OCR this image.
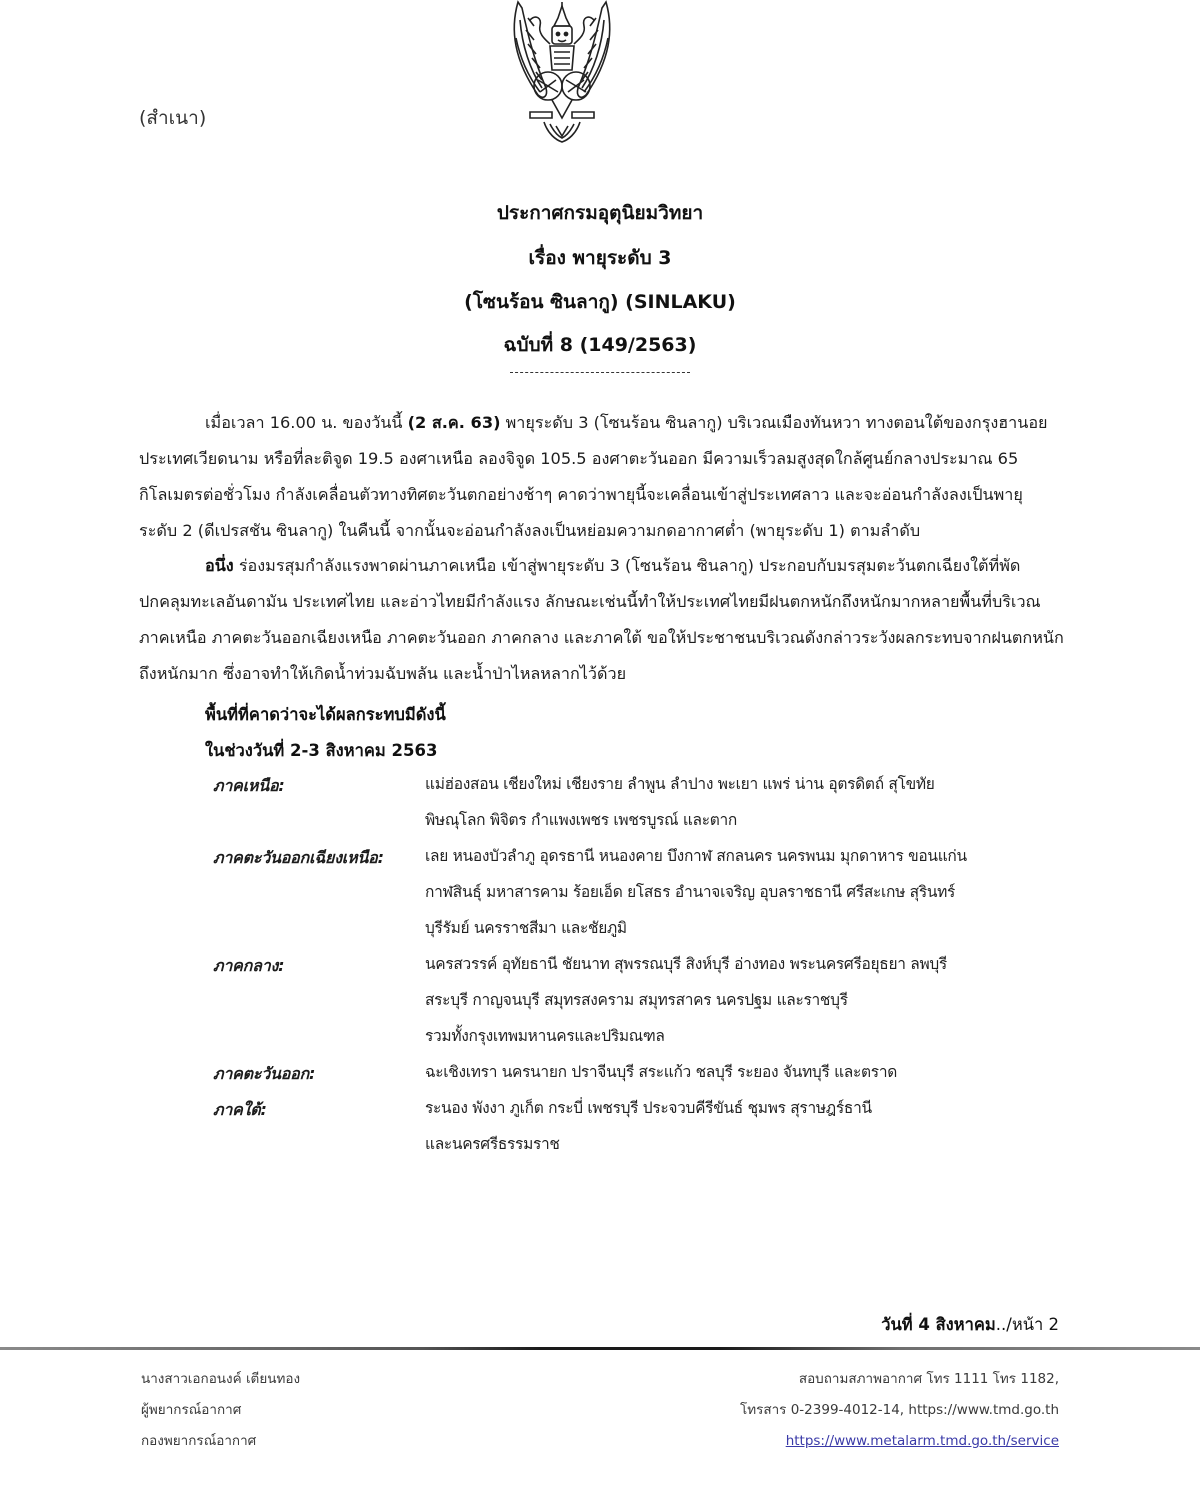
(สำเนา)
ประกาศกรมอุตุนิยมวิทยา
เรื่อง พายุระดับ 3
(โซนร้อน ซินลากู) (SINLAKU)
ฉบับที่ 8 (149/2563)
เมื่อเวลา 16.00 น. ของวันนี้ (2 ส.ค. 63) พายุระดับ 3 (โซนร้อน ซินลากู) บริเวณเมืองทันหวา ทางตอนใต้ของกรุงฮานอย
ประเทศเวียดนาม หรือที่ละติจูด 19.5 องศาเหนือ ลองจิจูด 105.5 องศาตะวันออก มีความเร็วลมสูงสุดใกล้ศูนย์กลางประมาณ 65
กิโลเมตรต่อชั่วโมง กำลังเคลื่อนตัวทางทิศตะวันตกอย่างช้าๆ คาดว่าพายุนี้จะเคลื่อนเข้าสู่ประเทศลาว และจะอ่อนกำลังลงเป็นพายุ
ระดับ 2 (ดีเปรสชัน ซินลากู) ในคืนนี้ จากนั้นจะอ่อนกำลังลงเป็นหย่อมความกดอากาศต่ำ (พายุระดับ 1) ตามลำดับ
อนึ่ง ร่องมรสุมกำลังแรงพาดผ่านภาคเหนือ เข้าสู่พายุระดับ 3 (โซนร้อน ซินลากู) ประกอบกับมรสุมตะวันตกเฉียงใต้ที่พัด
ปกคลุมทะเลอันดามัน ประเทศไทย และอ่าวไทยมีกำลังแรง ลักษณะเช่นนี้ทำให้ประเทศไทยมีฝนตกหนักถึงหนักมากหลายพื้นที่บริเวณ
ภาคเหนือ ภาคตะวันออกเฉียงเหนือ ภาคตะวันออก ภาคกลาง และภาคใต้ ขอให้ประชาชนบริเวณดังกล่าวระวังผลกระทบจากฝนตกหนัก
ถึงหนักมาก ซึ่งอาจทำให้เกิดน้ำท่วมฉับพลัน และน้ำป่าไหลหลากไว้ด้วย
พื้นที่ที่คาดว่าจะได้ผลกระทบมีดังนี้
ในช่วงวันที่ 2-3 สิงหาคม 2563
ภาคเหนือ:	แม่ฮ่องสอน เชียงใหม่ เชียงราย ลำพูน ลำปาง พะเยา แพร่ น่าน อุตรดิตถ์ สุโขทัย
พิษณุโลก พิจิตร กำแพงเพชร เพชรบูรณ์ และตาก
ภาคตะวันออกเฉียงเหนือ:	เลย หนองบัวลำภู อุดรธานี หนองคาย บึงกาฬ สกลนคร นครพนม มุกดาหาร ขอนแก่น
กาฬสินธุ์ มหาสารคาม ร้อยเอ็ด ยโสธร อำนาจเจริญ อุบลราชธานี ศรีสะเกษ สุรินทร์
บุรีรัมย์ นครราชสีมา และชัยภูมิ
ภาคกลาง:	นครสวรรค์ อุทัยธานี ชัยนาท สุพรรณบุรี สิงห์บุรี อ่างทอง พระนครศรีอยุธยา ลพบุรี
สระบุรี กาญจนบุรี สมุทรสงคราม สมุทรสาคร นครปฐม และราชบุรี
รวมทั้งกรุงเทพมหานครและปริมณฑล
ภาคตะวันออก:	ฉะเชิงเทรา นครนายก ปราจีนบุรี สระแก้ว ชลบุรี ระยอง จันทบุรี และตราด
ภาคใต้:	ระนอง พังงา ภูเก็ต กระบี่ เพชรบุรี ประจวบคีรีขันธ์ ชุมพร สุราษฎร์ธานี
และนครศรีธรรมราช
วันที่ 4 สิงหาคม../หน้า 2
นางสาวเอกอนงค์ เตียนทอง
ผู้พยากรณ์อากาศ
กองพยากรณ์อากาศ
สอบถามสภาพอากาศ โทร 1111 โทร 1182,
โทรสาร 0-2399-4012-14, https://www.tmd.go.th
https://www.metalarm.tmd.go.th/service
